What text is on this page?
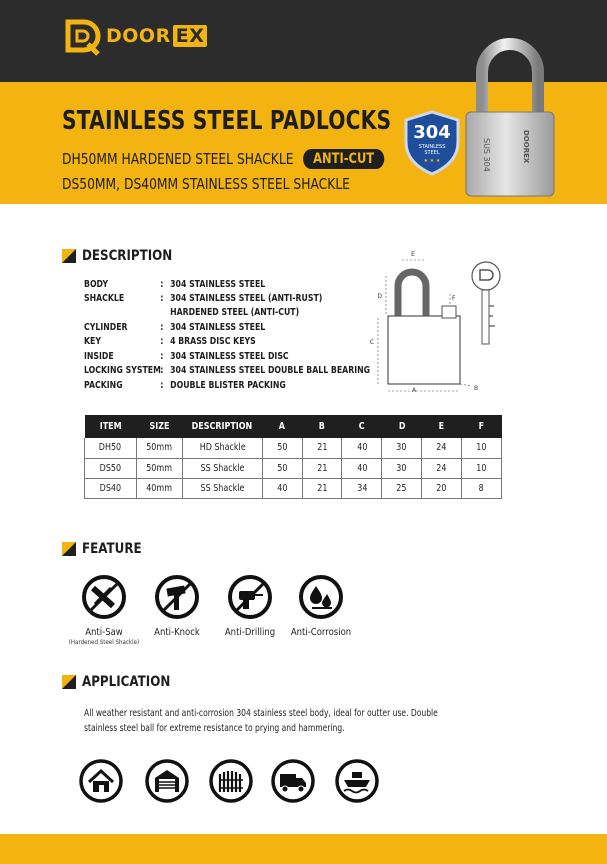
DOOR EX
SUS 304	DOOREX
304
STAINLESS
STEEL
★ ★ ★
STAINLESS STEEL PADLOCKS
DH50MM HARDENED STEEL SHACKLE	ANTI-CUT
DS50MM, DS40MM STAINLESS STEEL SHACKLE
DESCRIPTION
BODY	: 304 STAINLESS STEEL
SHACKLE	: 304 STAINLESS STEEL (ANTI-RUST)
HARDENED STEEL (ANTI-CUT)
CYLINDER	: 304 STAINLESS STEEL
KEY	: 4 BRASS DISC KEYS
INSIDE	: 304 STAINLESS STEEL DISC
LOCKING SYSTEM : 304 STAINLESS STEEL DOUBLE BALL BEARING
PACKING	: DOUBLE BLISTER PACKING
E
D
C
A	B
F
ITEM	SIZE	DESCRIPTION	A	B	C	D	E	F
DH50	50mm	HD Shackle	50	21	40	30	24	10
DS50	50mm	SS Shackle	50	21	40	30	24	10
DS40	40mm	SS Shackle	40	21	34	25	20	8
FEATURE
Anti-Saw
(Hardened Steel Shackle)
Anti-Knock	Anti-Drilling	Anti-Corrosion
APPLICATION
All weather resistant and anti-corrosion 304 stainless steel body, ideal for outter use. Double
stainless steel ball for extreme resistance to prying and hammering.
